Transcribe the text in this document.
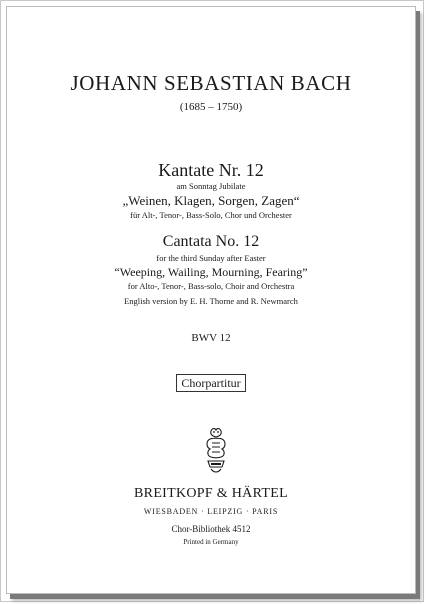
JOHANN SEBASTIAN BACH
(1685 – 1750)
Kantate Nr. 12
am Sonntag Jubilate
„Weinen, Klagen, Sorgen, Zagen“
für Alt-, Tenor-, Bass-Solo, Chor und Orchester
Cantata No. 12
for the third Sunday after Easter
“Weeping, Wailing, Mourning, Fearing”
for Alto-, Tenor-, Bass-solo, Choir and Orchestra
English version by E. H. Thorne and R. Newmarch
BWV 12
Chorpartitur
BREITKOPF & HÄRTEL
WIESBADEN · LEIPZIG · PARIS
Chor-Bibliothek 4512
Printed in Germany
